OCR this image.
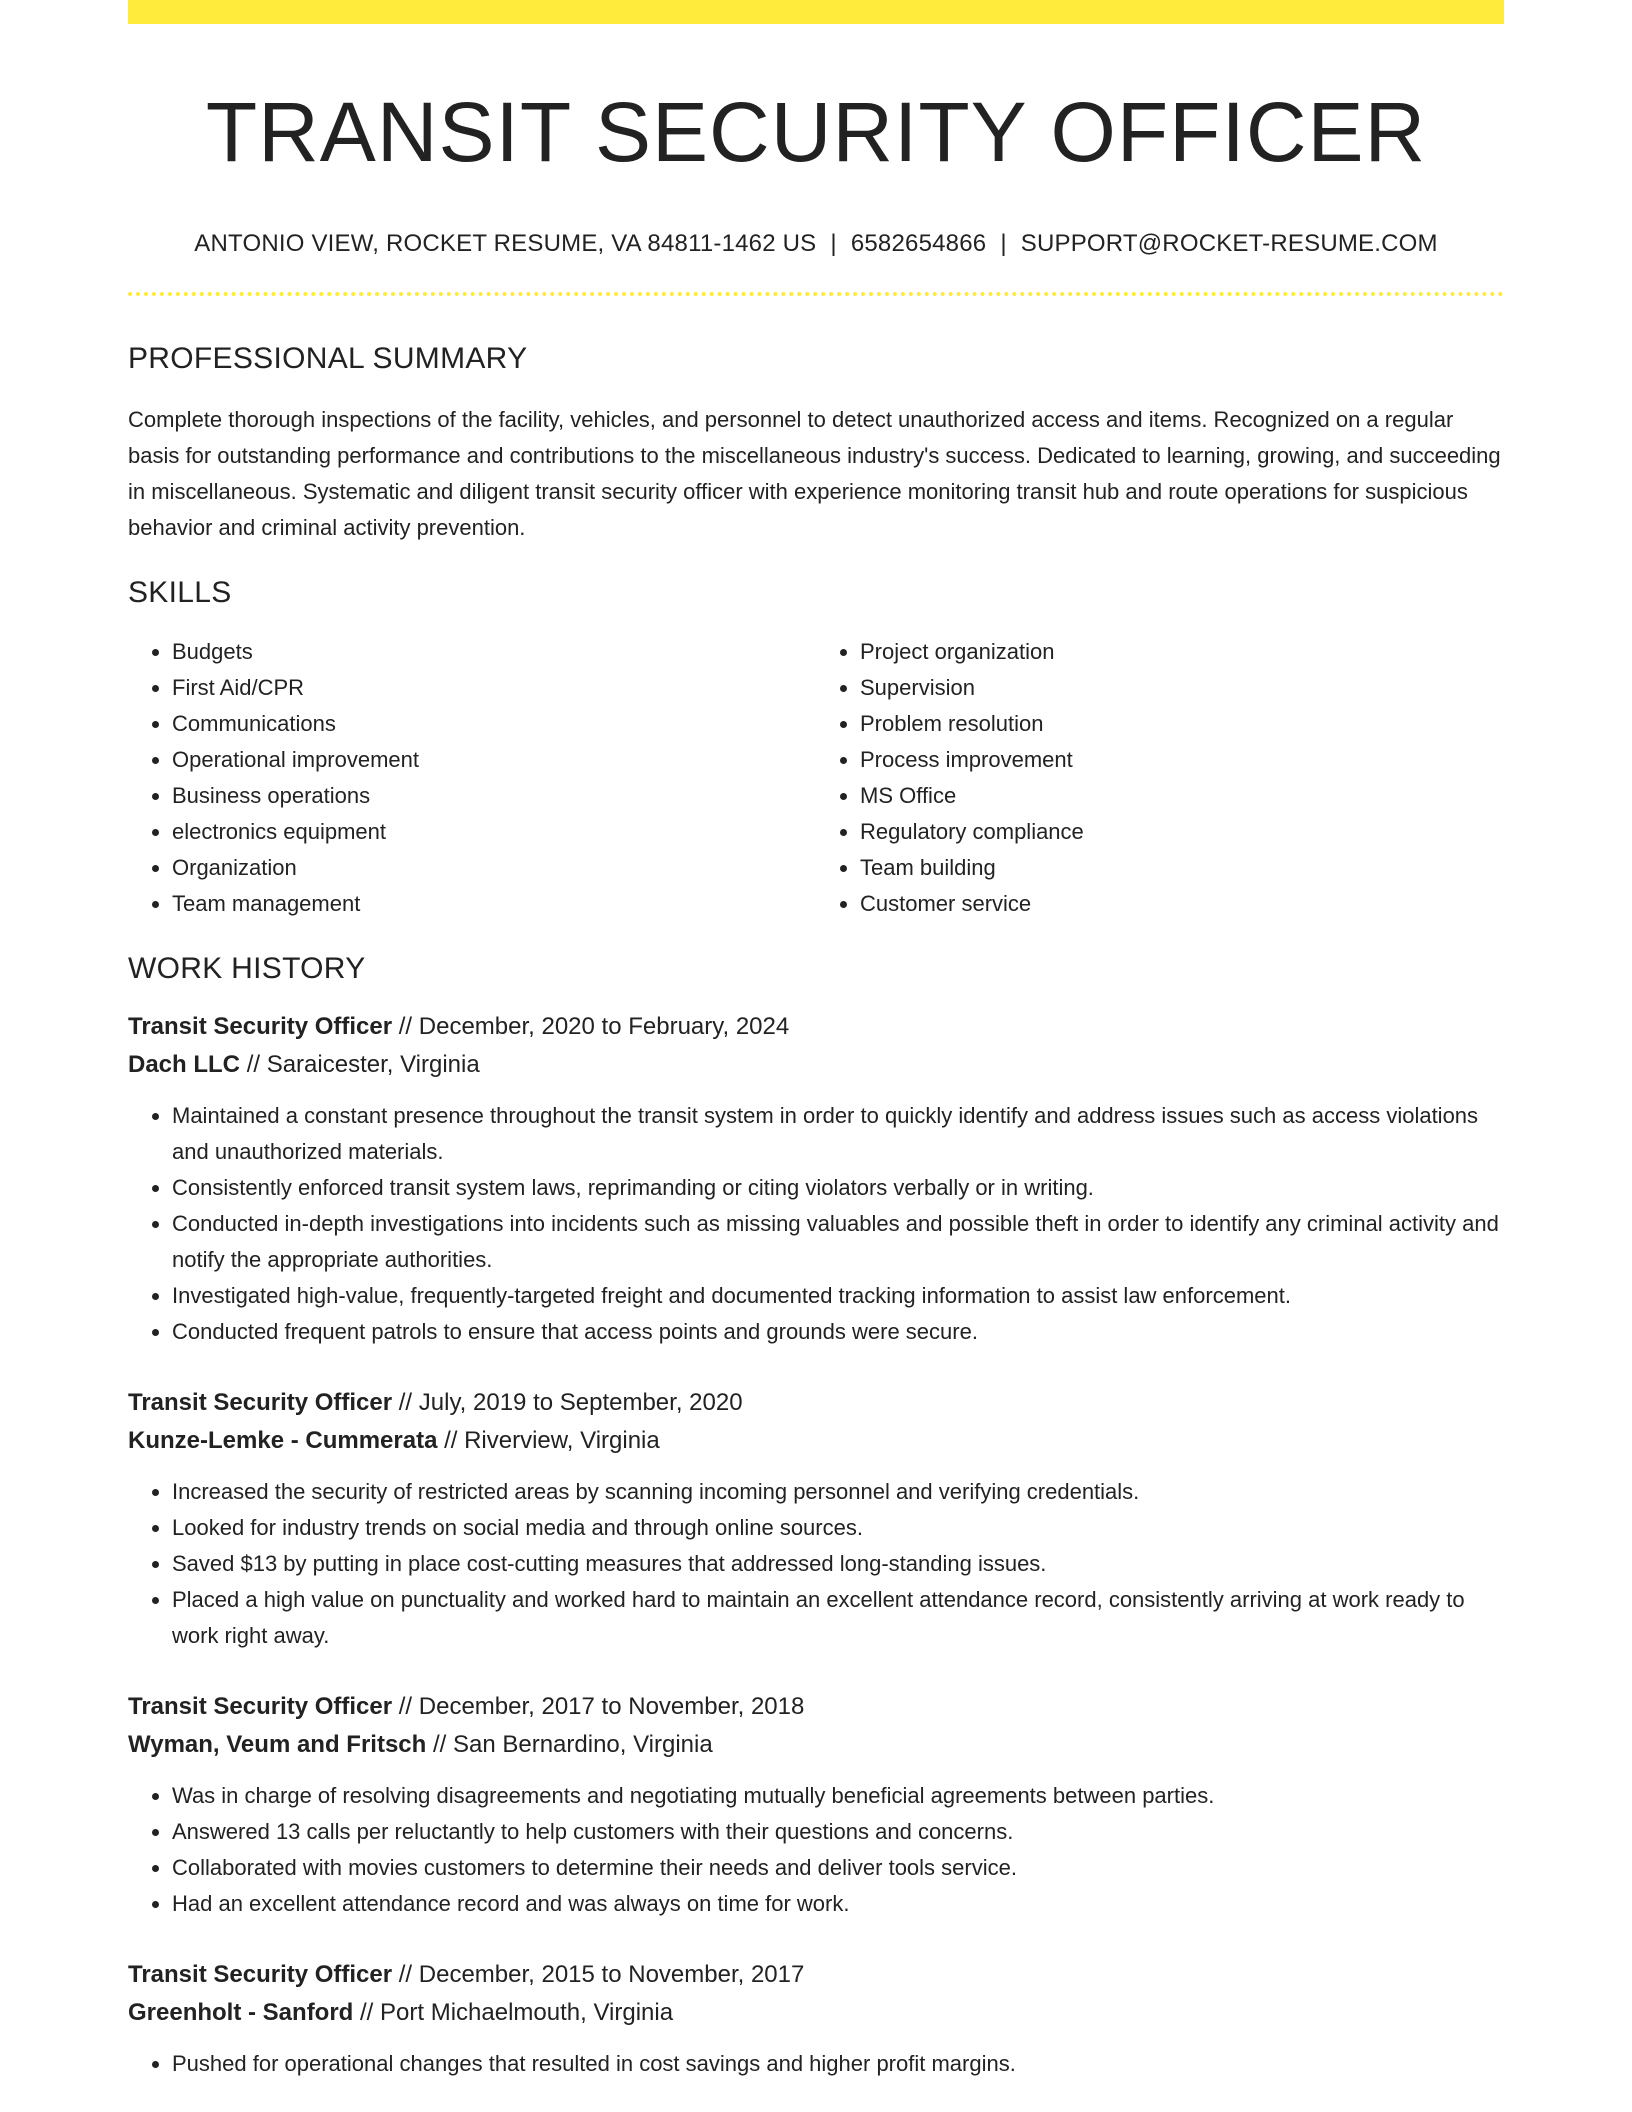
TRANSIT SECURITY OFFICER
ANTONIO VIEW, ROCKET RESUME, VA 84811-1462 US | 6582654866 | SUPPORT@ROCKET-RESUME.COM
PROFESSIONAL SUMMARY

Complete thorough inspections of the facility, vehicles, and personnel to detect unauthorized access and items. Recognized on a regular basis for outstanding performance and contributions to the miscellaneous industry's success. Dedicated to learning, growing, and succeeding in miscellaneous. Systematic and diligent transit security officer with experience monitoring transit hub and route operations for suspicious behavior and criminal activity prevention.

SKILLS
• Budgets
• First Aid/CPR
• Communications
• Operational improvement
• Business operations
• electronics equipment
• Organization
• Team management
• Project organization
• Supervision
• Problem resolution
• Process improvement
• MS Office
• Regulatory compliance
• Team building
• Customer service
WORK HISTORY
Transit Security Officer // December, 2020 to February, 2024
Dach LLC // Saraicester, Virginia
• Maintained a constant presence throughout the transit system in order to quickly identify and address issues such as access violations and unauthorized materials.
• Consistently enforced transit system laws, reprimanding or citing violators verbally or in writing.
• Conducted in-depth investigations into incidents such as missing valuables and possible theft in order to identify any criminal activity and notify the appropriate authorities.
• Investigated high-value, frequently-targeted freight and documented tracking information to assist law enforcement.
• Conducted frequent patrols to ensure that access points and grounds were secure.
Transit Security Officer // July, 2019 to September, 2020
Kunze-Lemke - Cummerata // Riverview, Virginia
• Increased the security of restricted areas by scanning incoming personnel and verifying credentials.
• Looked for industry trends on social media and through online sources.
• Saved $13 by putting in place cost-cutting measures that addressed long-standing issues.
• Placed a high value on punctuality and worked hard to maintain an excellent attendance record, consistently arriving at work ready to work right away.
Transit Security Officer // December, 2017 to November, 2018
Wyman, Veum and Fritsch // San Bernardino, Virginia
• Was in charge of resolving disagreements and negotiating mutually beneficial agreements between parties.
• Answered 13 calls per reluctantly to help customers with their questions and concerns.
• Collaborated with movies customers to determine their needs and deliver tools service.
• Had an excellent attendance record and was always on time for work.
Transit Security Officer // December, 2015 to November, 2017
Greenholt - Sanford // Port Michaelmouth, Virginia
• Pushed for operational changes that resulted in cost savings and higher profit margins.
